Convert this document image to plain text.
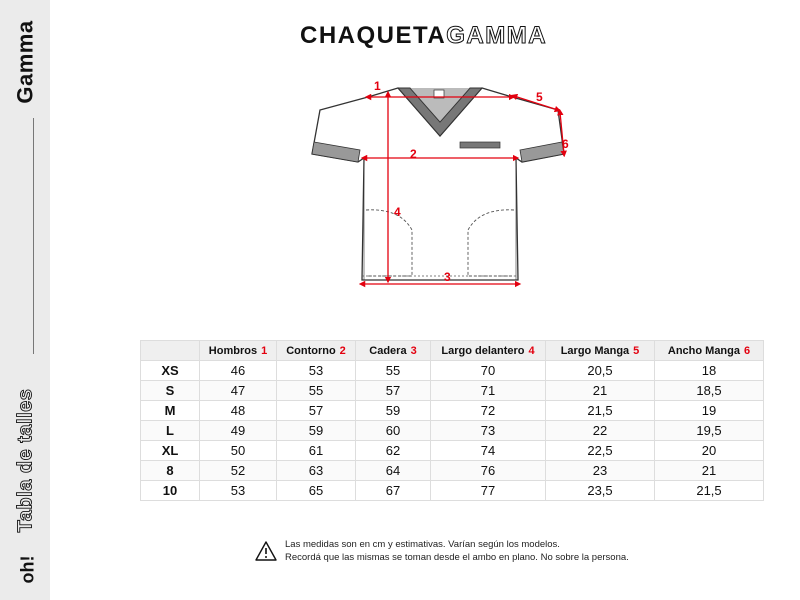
Gamma
Tabla de talles
oh!
CHAQUETAGAMMA
1
2
3
4
5
6
	Hombros 1	Contorno 2	Cadera 3	Largo delantero 4	Largo Manga 5	Ancho Manga 6
XS	46	53	55	70	20,5	18
S	47	55	57	71	21	18,5
M	48	57	59	72	21,5	19
L	49	59	60	73	22	19,5
XL	50	61	62	74	22,5	20
8	52	63	64	76	23	21
10	53	65	67	77	23,5	21,5
Las medidas son en cm y estimativas. Varían según los modelos.
Recordá que las mismas se toman desde el ambo en plano. No sobre la persona.
